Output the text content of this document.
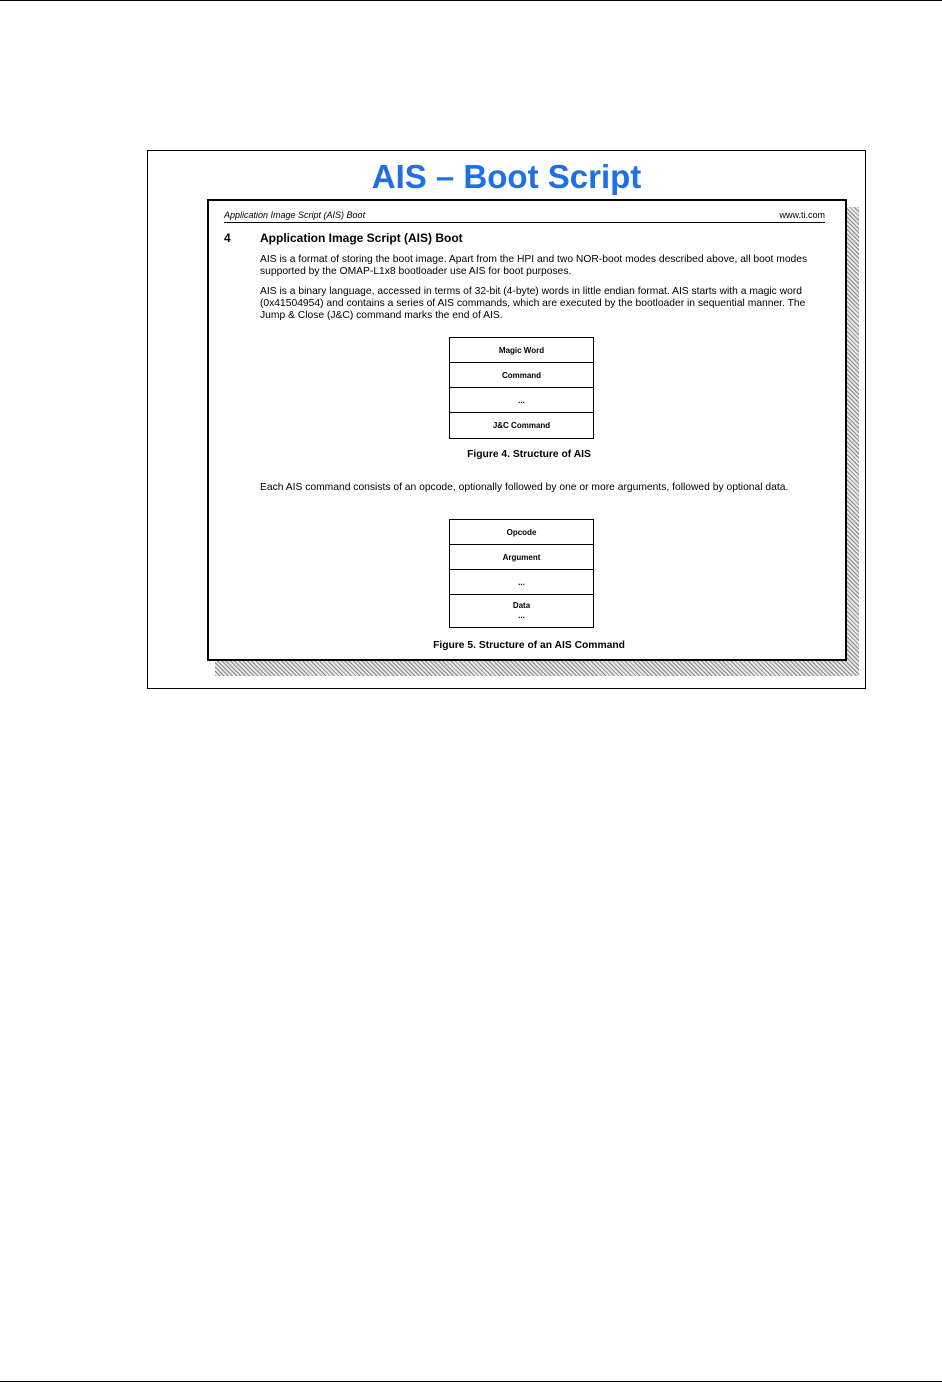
AIS – Boot Script
Application Image Script (AIS) Boot	www.ti.com
4 Application Image Script (AIS) Boot
AIS is a format of storing the boot image. Apart from the HPI and two NOR-boot modes described above, all boot modes supported by the OMAP-L1x8 bootloader use AIS for boot purposes.
AIS is a binary language, accessed in terms of 32-bit (4-byte) words in little endian format. AIS starts with a magic word (0x41504954) and contains a series of AIS commands, which are executed by the bootloader in sequential manner. The Jump & Close (J&C) command marks the end of AIS.
Magic Word
Command
...
J&C Command
Figure 4. Structure of AIS
Each AIS command consists of an opcode, optionally followed by one or more arguments, followed by optional data.
Opcode
Argument
...
Data
...
Figure 5. Structure of an AIS Command
